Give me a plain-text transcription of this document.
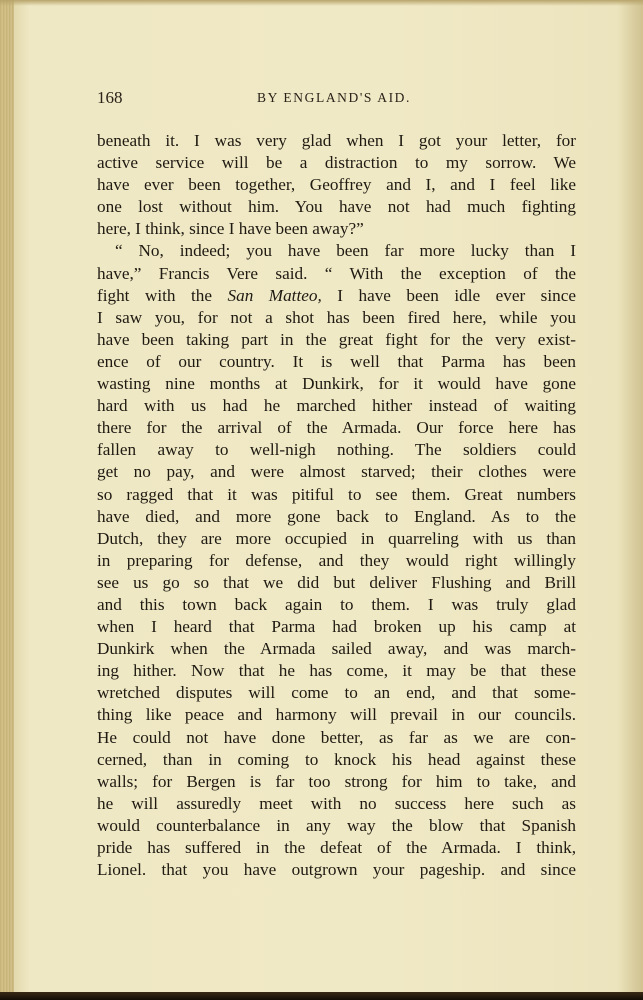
168	BY ENGLAND'S AID.
beneath it. I was very glad when I got your letter, for
active service will be a distraction to my sorrow. We
have ever been together, Geoffrey and I, and I feel like
one lost without him. You have not had much fighting
here, I think, since I have been away?”
“ No, indeed; you have been far more lucky than I
have,” Francis Vere said. “ With the exception of the
fight with the San Matteo, I have been idle ever since
I saw you, for not a shot has been fired here, while you
have been taking part in the great fight for the very exist-
ence of our country. It is well that Parma has been
wasting nine months at Dunkirk, for it would have gone
hard with us had he marched hither instead of waiting
there for the arrival of the Armada. Our force here has
fallen away to well-nigh nothing. The soldiers could
get no pay, and were almost starved; their clothes were
so ragged that it was pitiful to see them. Great numbers
have died, and more gone back to England. As to the
Dutch, they are more occupied in quarreling with us than
in preparing for defense, and they would right willingly
see us go so that we did but deliver Flushing and Brill
and this town back again to them. I was truly glad
when I heard that Parma had broken up his camp at
Dunkirk when the Armada sailed away, and was march-
ing hither. Now that he has come, it may be that these
wretched disputes will come to an end, and that some-
thing like peace and harmony will prevail in our councils.
He could not have done better, as far as we are con-
cerned, than in coming to knock his head against these
walls; for Bergen is far too strong for him to take, and
he will assuredly meet with no success here such as
would counterbalance in any way the blow that Spanish
pride has suffered in the defeat of the Armada. I think,
Lionel. that you have outgrown your pageship. and since
